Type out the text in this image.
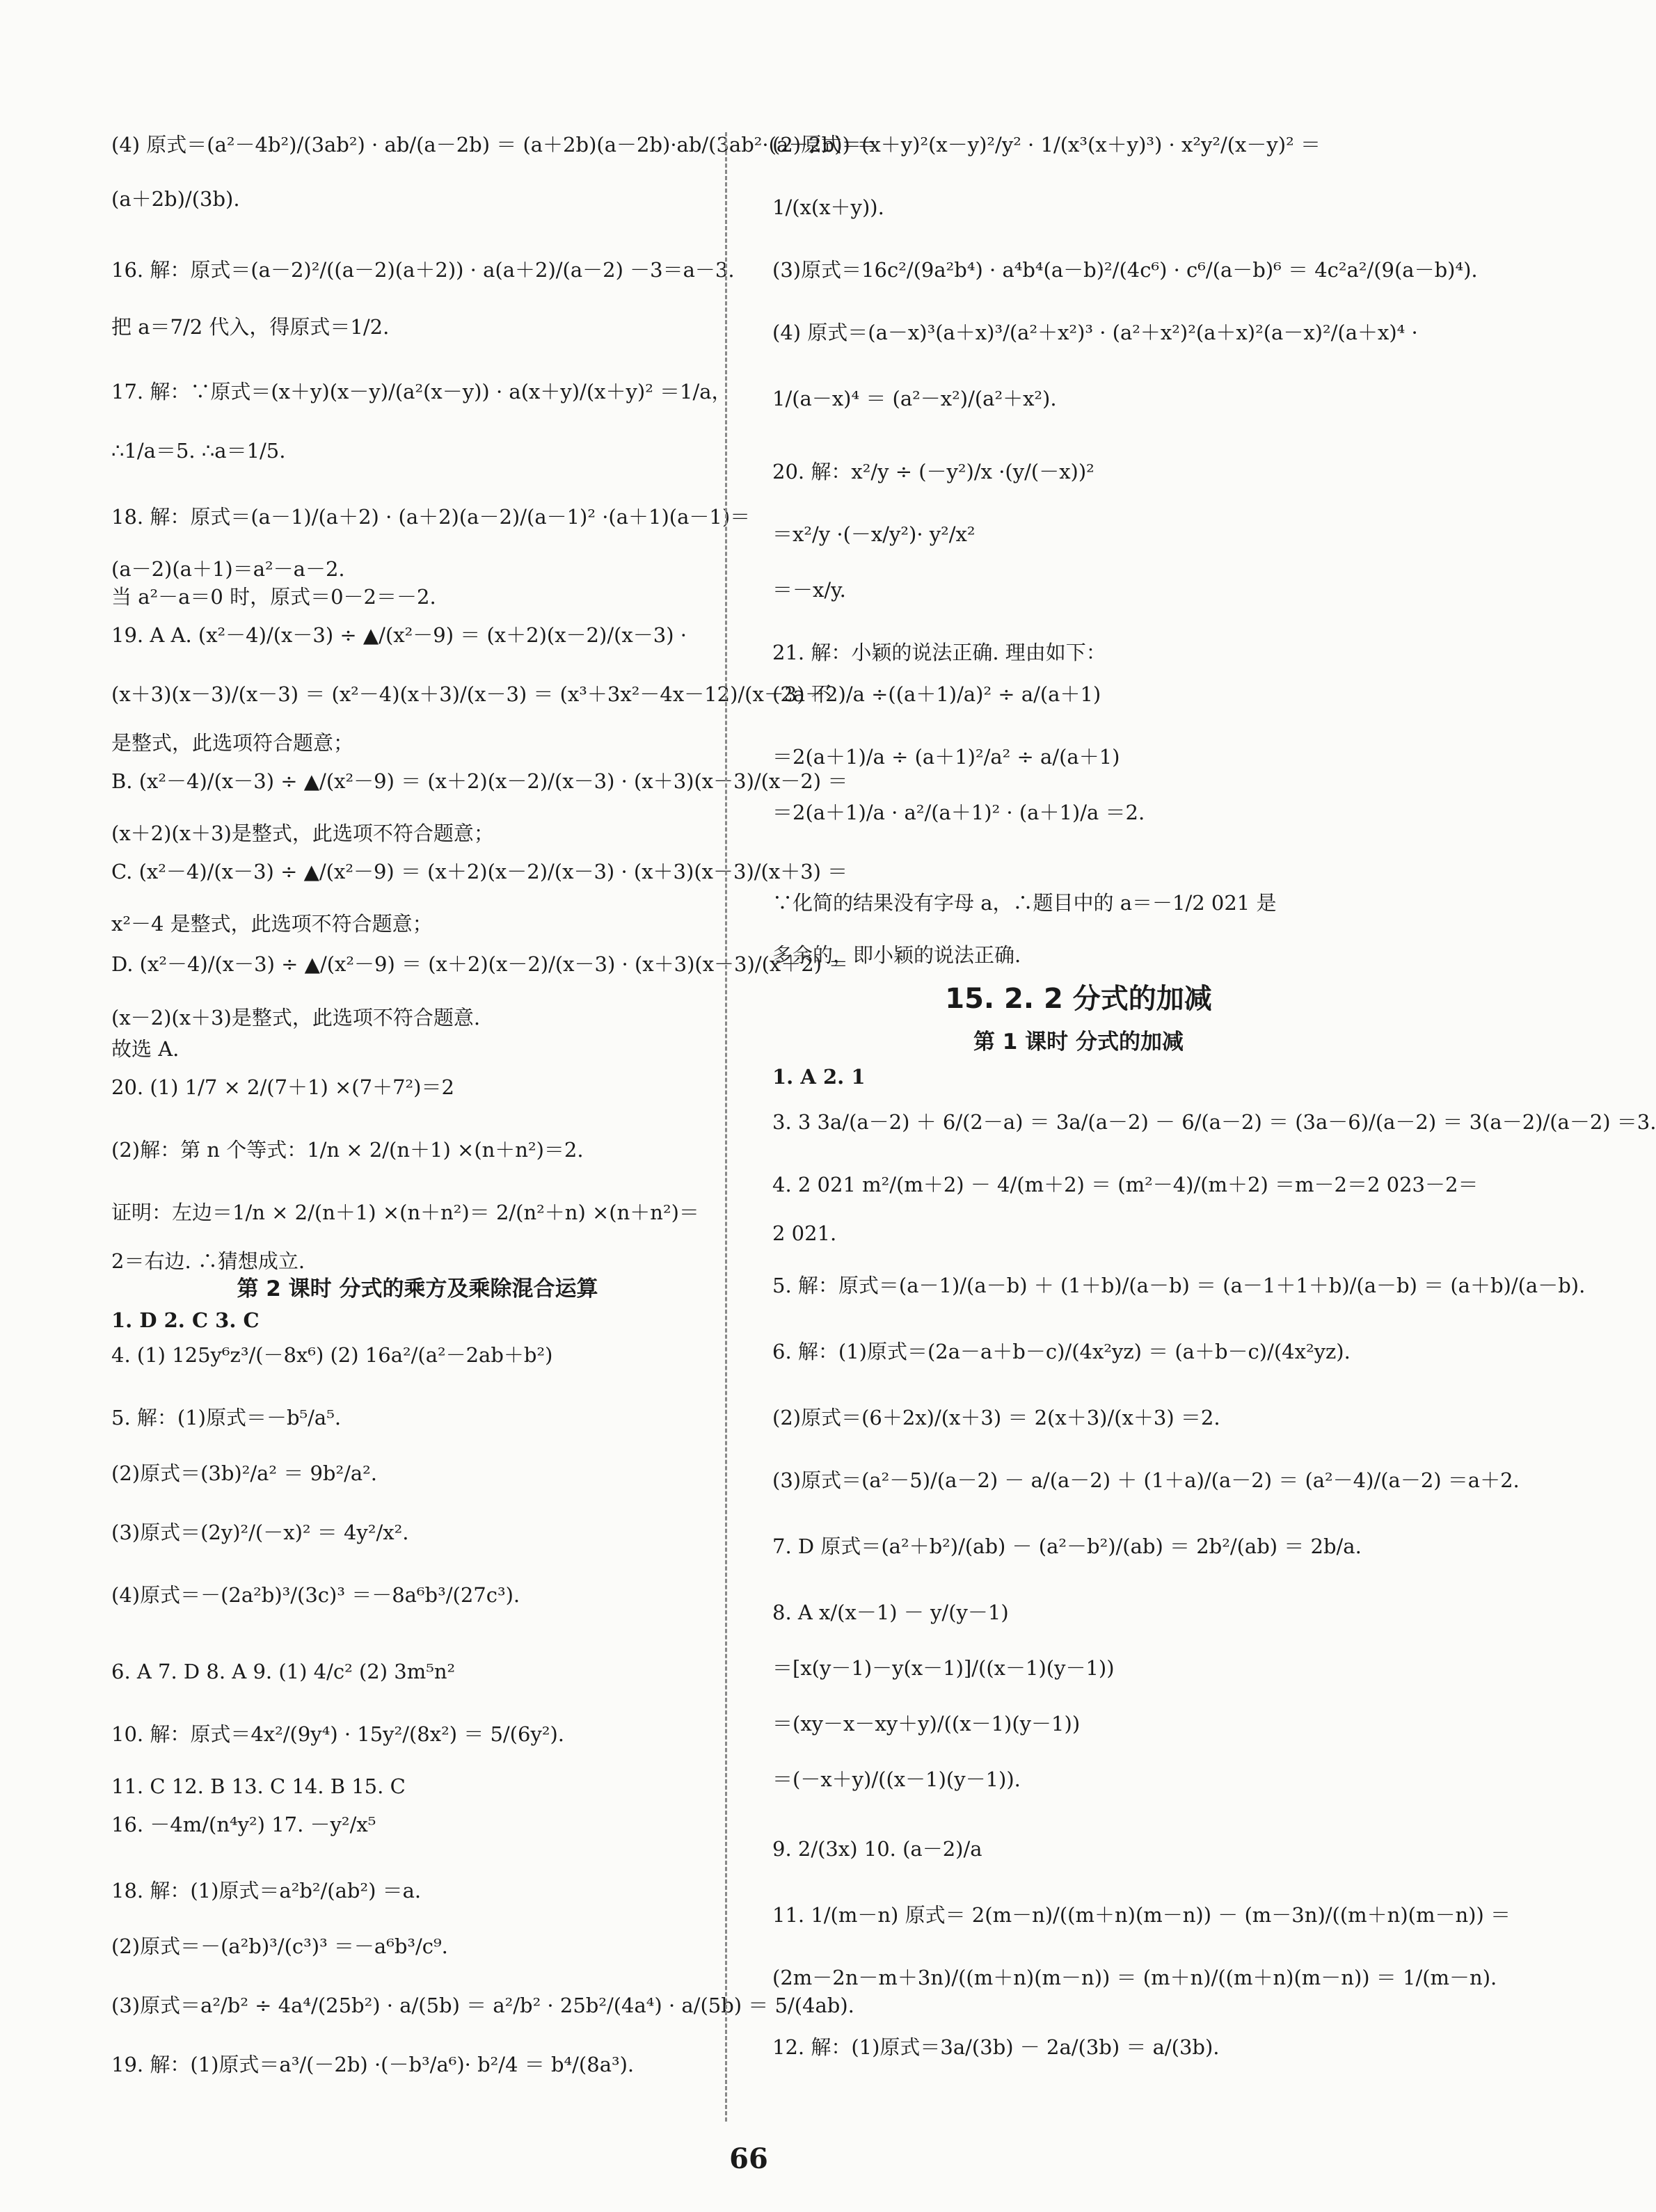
(4) 原式＝(a²－4b²)/(3ab²) · ab/(a－2b) ＝ (a＋2b)(a－2b)·ab/(3ab²·(a－2b)) ＝
(a＋2b)/(3b).
16. 解：原式＝(a－2)²/((a－2)(a＋2)) · a(a＋2)/(a－2) －3＝a－3.
把 a＝7/2 代入，得原式＝1/2.
17. 解：∵原式＝(x＋y)(x－y)/(a²(x－y)) · a(x＋y)/(x＋y)² ＝1/a，
∴1/a＝5. ∴a＝1/5.
18. 解：原式＝(a－1)/(a＋2) · (a＋2)(a－2)/(a－1)² ·(a＋1)(a－1)＝
(a－2)(a＋1)＝a²－a－2.
当 a²－a＝0 时，原式＝0－2＝－2.
19. A A. (x²－4)/(x－3) ÷ ▲/(x²－9) ＝ (x＋2)(x－2)/(x－3) ·
(x＋3)(x－3)/(x－3) ＝ (x²－4)(x＋3)/(x－3) ＝ (x³＋3x²－4x－12)/(x－3) 不
是整式，此选项符合题意；
B. (x²－4)/(x－3) ÷ ▲/(x²－9) ＝ (x＋2)(x－2)/(x－3) · (x＋3)(x－3)/(x－2) ＝
(x＋2)(x＋3)是整式，此选项不符合题意；
C. (x²－4)/(x－3) ÷ ▲/(x²－9) ＝ (x＋2)(x－2)/(x－3) · (x＋3)(x－3)/(x＋3) ＝
x²－4 是整式，此选项不符合题意；
D. (x²－4)/(x－3) ÷ ▲/(x²－9) ＝ (x＋2)(x－2)/(x－3) · (x＋3)(x－3)/(x＋2) ＝
(x－2)(x＋3)是整式，此选项不符合题意.
故选 A.
20. (1) 1/7 × 2/(7＋1) ×(7＋7²)＝2
(2)解：第 n 个等式：1/n × 2/(n＋1) ×(n＋n²)＝2.
证明：左边＝1/n × 2/(n＋1) ×(n＋n²)＝ 2/(n²＋n) ×(n＋n²)＝
2＝右边. ∴猜想成立.
第 2 课时 分式的乘方及乘除混合运算
1. D 2. C 3. C
4. (1) 125y⁶z³/(－8x⁶) (2) 16a²/(a²－2ab＋b²)
5. 解：(1)原式＝－b⁵/a⁵.
(2)原式＝(3b)²/a² ＝ 9b²/a².
(3)原式＝(2y)²/(－x)² ＝ 4y²/x².
(4)原式＝－(2a²b)³/(3c)³ ＝－8a⁶b³/(27c³).
6. A 7. D 8. A 9. (1) 4/c² (2) 3m⁵n²
10. 解：原式＝4x²/(9y⁴) · 15y²/(8x²) ＝ 5/(6y²).
11. C 12. B 13. C 14. B 15. C
16. －4m/(n⁴y²) 17. －y²/x⁵
18. 解：(1)原式＝a²b²/(ab²) ＝a.
(2)原式＝－(a²b)³/(c³)³ ＝－a⁶b³/c⁹.
(3)原式＝a²/b² ÷ 4a⁴/(25b²) · a/(5b) ＝ a²/b² · 25b²/(4a⁴) · a/(5b) ＝ 5/(4ab).
19. 解：(1)原式＝a³/(－2b) ·(－b³/a⁶)· b²/4 ＝ b⁴/(8a³).
(2)原式＝(x＋y)²(x－y)²/y² · 1/(x³(x＋y)³) · x²y²/(x－y)² ＝
1/(x(x＋y)).
(3)原式＝16c²/(9a²b⁴) · a⁴b⁴(a－b)²/(4c⁶) · c⁶/(a－b)⁶ ＝ 4c²a²/(9(a－b)⁴).
(4) 原式＝(a－x)³(a＋x)³/(a²＋x²)³ · (a²＋x²)²(a＋x)²(a－x)²/(a＋x)⁴ ·
1/(a－x)⁴ ＝ (a²－x²)/(a²＋x²).
20. 解：x²/y ÷ (－y²)/x ·(y/(－x))²
＝x²/y ·(－x/y²)· y²/x²
＝－x/y.
21. 解：小颖的说法正确. 理由如下：
(2a＋2)/a ÷((a＋1)/a)² ÷ a/(a＋1)
＝2(a＋1)/a ÷ (a＋1)²/a² ÷ a/(a＋1)
＝2(a＋1)/a · a²/(a＋1)² · (a＋1)/a ＝2.
∵化简的结果没有字母 a，∴题目中的 a＝－1/2 021 是
多余的，即小颖的说法正确.
15. 2. 2 分式的加减
第 1 课时 分式的加减
1. A 2. 1
3. 3 3a/(a－2) ＋ 6/(2－a) ＝ 3a/(a－2) － 6/(a－2) ＝ (3a－6)/(a－2) ＝ 3(a－2)/(a－2) ＝3.
4. 2 021 m²/(m＋2) － 4/(m＋2) ＝ (m²－4)/(m＋2) ＝m－2＝2 023－2＝
2 021.
5. 解：原式＝(a－1)/(a－b) ＋ (1＋b)/(a－b) ＝ (a－1＋1＋b)/(a－b) ＝ (a＋b)/(a－b).
6. 解：(1)原式＝(2a－a＋b－c)/(4x²yz) ＝ (a＋b－c)/(4x²yz).
(2)原式＝(6＋2x)/(x＋3) ＝ 2(x＋3)/(x＋3) ＝2.
(3)原式＝(a²－5)/(a－2) － a/(a－2) ＋ (1＋a)/(a－2) ＝ (a²－4)/(a－2) ＝a＋2.
7. D 原式＝(a²＋b²)/(ab) － (a²－b²)/(ab) ＝ 2b²/(ab) ＝ 2b/a.
8. A x/(x－1) － y/(y－1)
＝[x(y－1)－y(x－1)]/((x－1)(y－1))
＝(xy－x－xy＋y)/((x－1)(y－1))
＝(－x＋y)/((x－1)(y－1)).
9. 2/(3x) 10. (a－2)/a
11. 1/(m－n) 原式＝ 2(m－n)/((m＋n)(m－n)) － (m－3n)/((m＋n)(m－n)) ＝
(2m－2n－m＋3n)/((m＋n)(m－n)) ＝ (m＋n)/((m＋n)(m－n)) ＝ 1/(m－n).
12. 解：(1)原式＝3a/(3b) － 2a/(3b) ＝ a/(3b).
66
